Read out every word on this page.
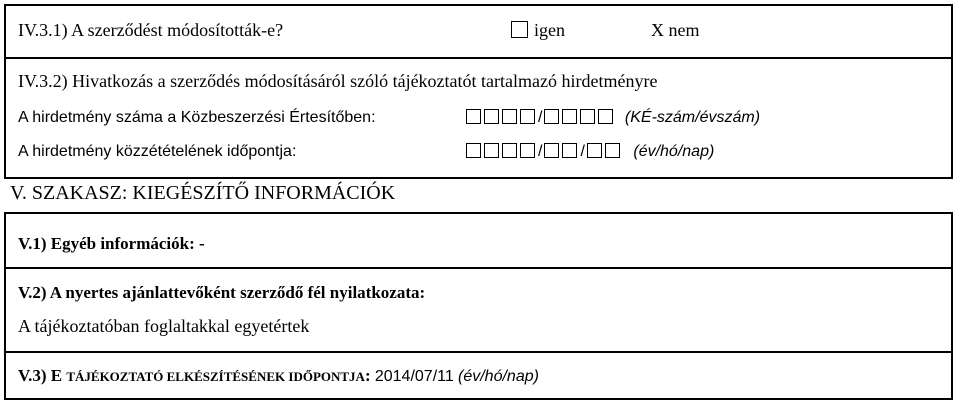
IV.3.1) A szerződést módosították-e?	igen	X nem
IV.3.2) Hivatkozás a szerződés módosításáról szóló tájékoztatót tartalmazó hirdetményre
A hirdetmény száma a Közbeszerzési Értesítőben:	/	(KÉ-szám/évszám)
A hirdetmény közzétételének időpontja:	/ /	(év/hó/nap)
V. SZAKASZ: KIEGÉSZÍTŐ INFORMÁCIÓK
V.1) Egyéb információk: -
V.2) A nyertes ajánlattevőként szerződő fél nyilatkozata:
A tájékoztatóban foglaltakkal egyetértek
V.3) E TÁJÉKOZTATÓ ELKÉSZÍTÉSÉNEK IDŐPONTJA: 2014/07/11 (év/hó/nap)
